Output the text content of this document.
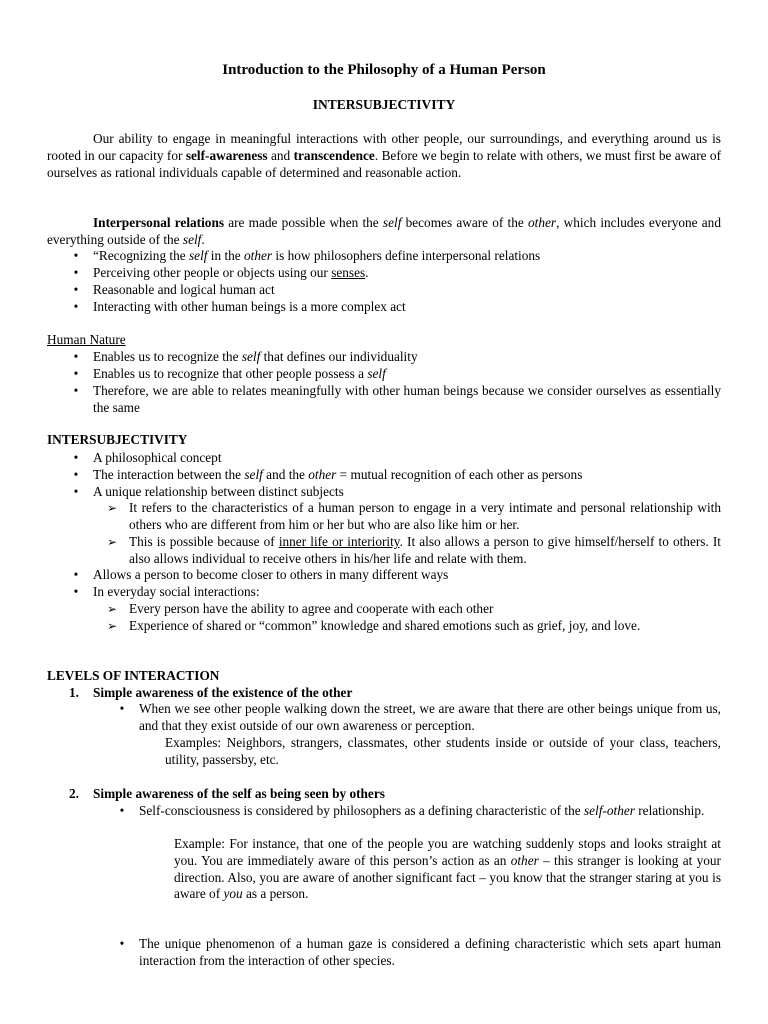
Introduction to the Philosophy of a Human Person
INTERSUBJECTIVITY
Our ability to engage in meaningful interactions with other people, our surroundings, and everything around us is rooted in our capacity for self-awareness and transcendence. Before we begin to relate with others, we must first be aware of ourselves as rational individuals capable of determined and reasonable action.
Interpersonal relations are made possible when the self becomes aware of the other, which includes everyone and everything outside of the self.
•	“Recognizing the self in the other is how philosophers define interpersonal relations
•	Perceiving other people or objects using our senses.
•	Reasonable and logical human act
•	Interacting with other human beings is a more complex act
Human Nature
•	Enables us to recognize the self that defines our individuality
•	Enables us to recognize that other people possess a self
•	Therefore, we are able to relates meaningfully with other human beings because we consider ourselves as essentially the same
INTERSUBJECTIVITY
•	A philosophical concept
•	The interaction between the self and the other = mutual recognition of each other as persons
•	A unique relationship between distinct subjects
➢ It refers to the characteristics of a human person to engage in a very intimate and personal relationship with others who are different from him or her but who are also like him or her.
➢ This is possible because of inner life or interiority. It also allows a person to give himself/herself to others. It also allows individual to receive others in his/her life and relate with them.
•	Allows a person to become closer to others in many different ways
•	In everyday social interactions:
➢ Every person have the ability to agree and cooperate with each other
➢ Experience of shared or “common” knowledge and shared emotions such as grief, joy, and love.
LEVELS OF INTERACTION
1. Simple awareness of the existence of the other
•	When we see other people walking down the street, we are aware that there are other beings unique from us, and that they exist outside of our own awareness or perception.
Examples: Neighbors, strangers, classmates, other students inside or outside of your class, teachers, utility, passersby, etc.
2. Simple awareness of the self as being seen by others
•	Self-consciousness is considered by philosophers as a defining characteristic of the self-other relationship.
Example: For instance, that one of the people you are watching suddenly stops and looks straight at you. You are immediately aware of this person’s action as an other – this stranger is looking at your direction. Also, you are aware of another significant fact – you know that the stranger staring at you is aware of you as a person.
•	The unique phenomenon of a human gaze is considered a defining characteristic which sets apart human interaction from the interaction of other species.
